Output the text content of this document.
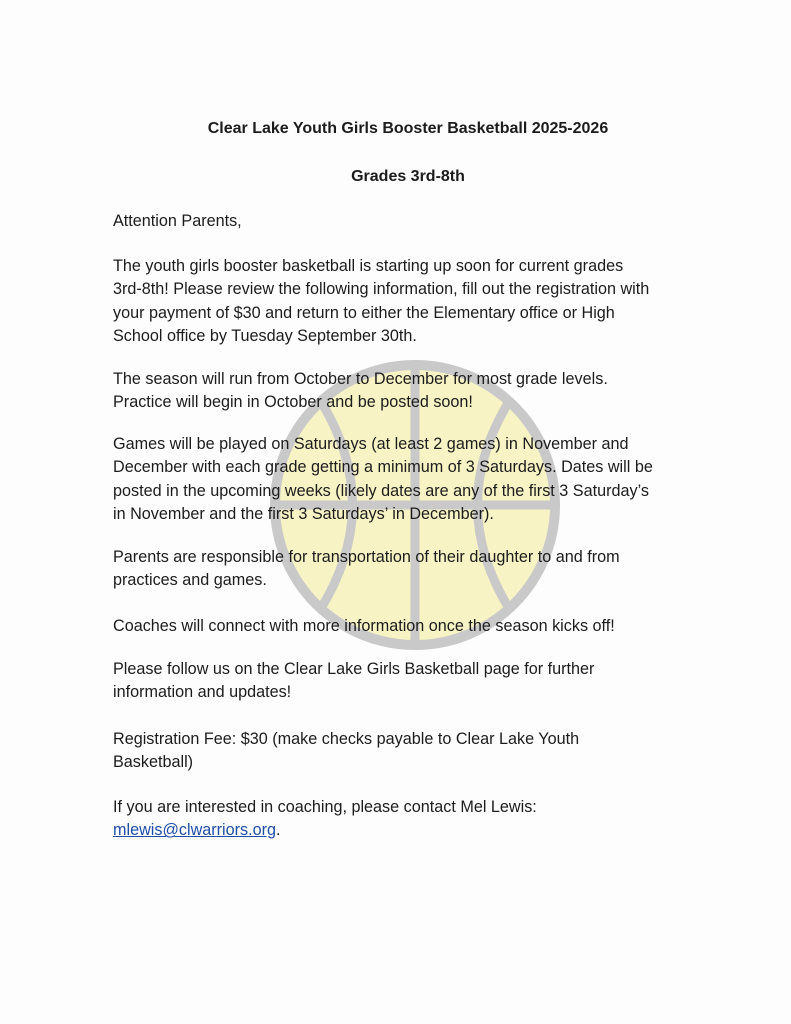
Clear Lake Youth Girls Booster Basketball 2025-2026
Grades 3rd-8th
Attention Parents,
The youth girls booster basketball is starting up soon for current grades
3rd-8th! Please review the following information, fill out the registration with
your payment of $30 and return to either the Elementary office or High
School office by Tuesday September 30th.
The season will run from October to December for most grade levels.
Practice will begin in October and be posted soon!
Games will be played on Saturdays (at least 2 games) in November and
December with each grade getting a minimum of 3 Saturdays. Dates will be
posted in the upcoming weeks (likely dates are any of the first 3 Saturday’s
in November and the first 3 Saturdays’ in December).
Parents are responsible for transportation of their daughter to and from
practices and games.
Coaches will connect with more information once the season kicks off!
Please follow us on the Clear Lake Girls Basketball page for further
information and updates!
Registration Fee: $30 (make checks payable to Clear Lake Youth
Basketball)
If you are interested in coaching, please contact Mel Lewis:
mlewis@clwarriors.org.
